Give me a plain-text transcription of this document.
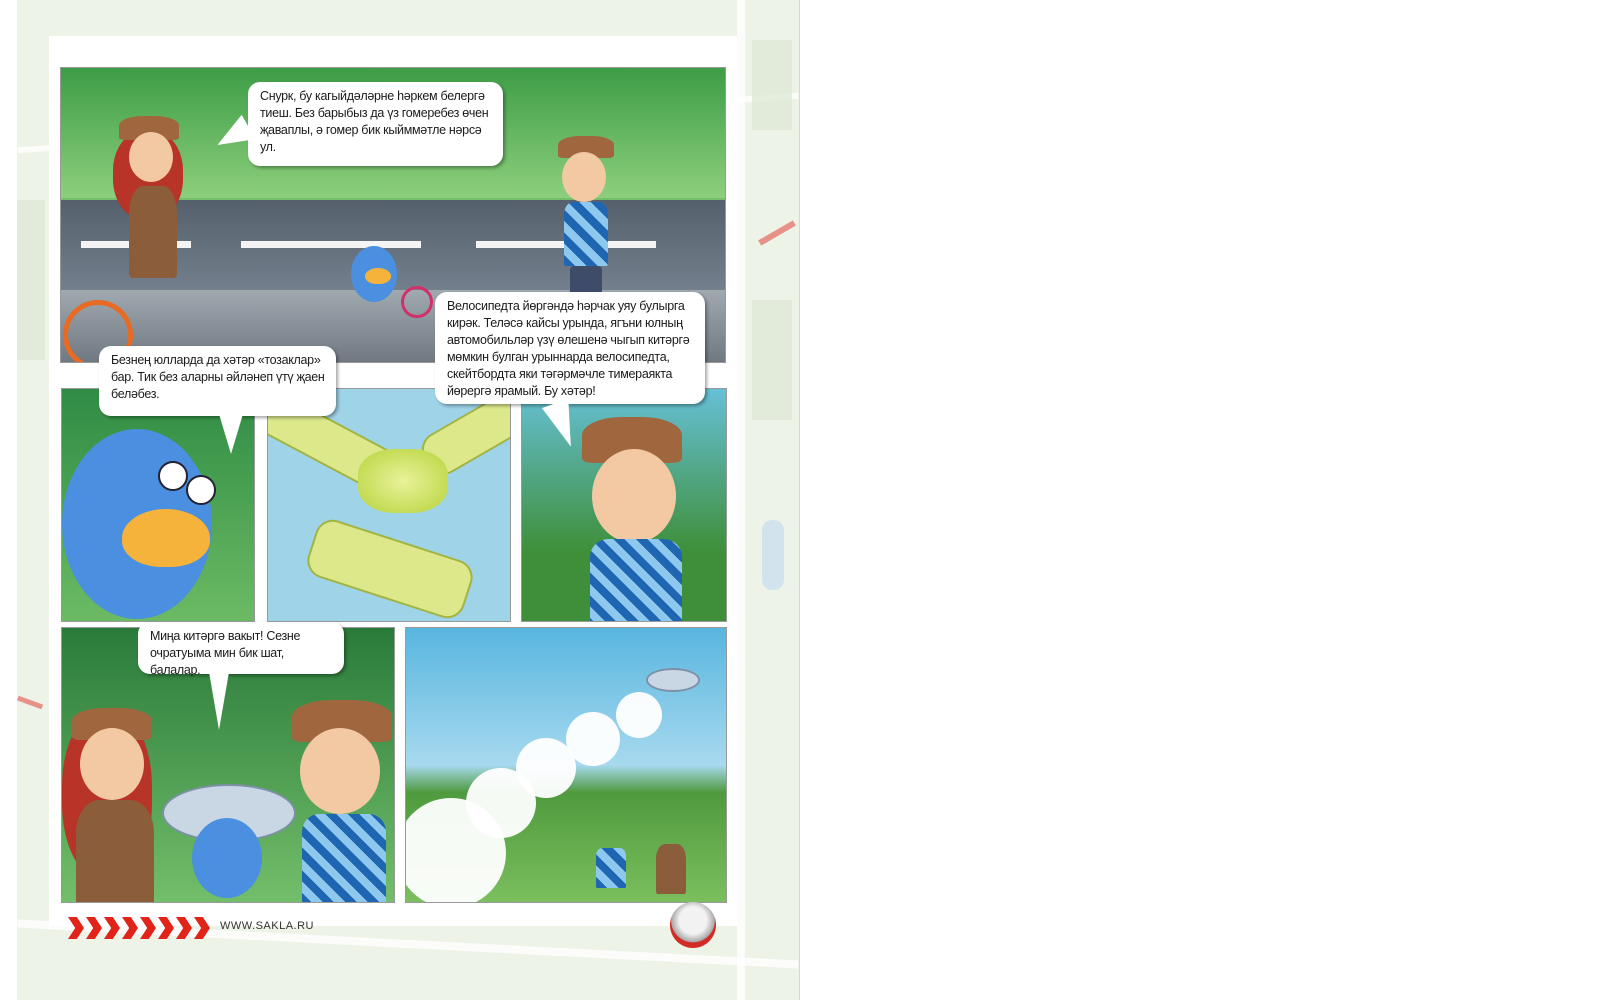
Снурк, бу кагыйдәләрне һәркем белергә тиеш. Без барыбыз да үз гомеребез өчен җаваплы, ә гомер бик кыйммәтле нәрсә ул.
Безнең юлларда да хәтәр «тозаклар» бар. Тик без аларны әйләнеп үтү җаен беләбез.
Велосипедта йөргәндә һәрчак уяу булырга кирәк. Теләсә кайсы урында, ягъни юлның автомобильләр үзү өлешенә чыгып китәргә мөмкин булган урыннарда велосипедта, скейтбордта яки тәгәрмәчле тимераякта йөрергә ярамый. Бу хәтәр!
Миңа китәргә вакыт! Сезне очратуыма мин бик шат, балалар.
WWW.SAKLA.RU
